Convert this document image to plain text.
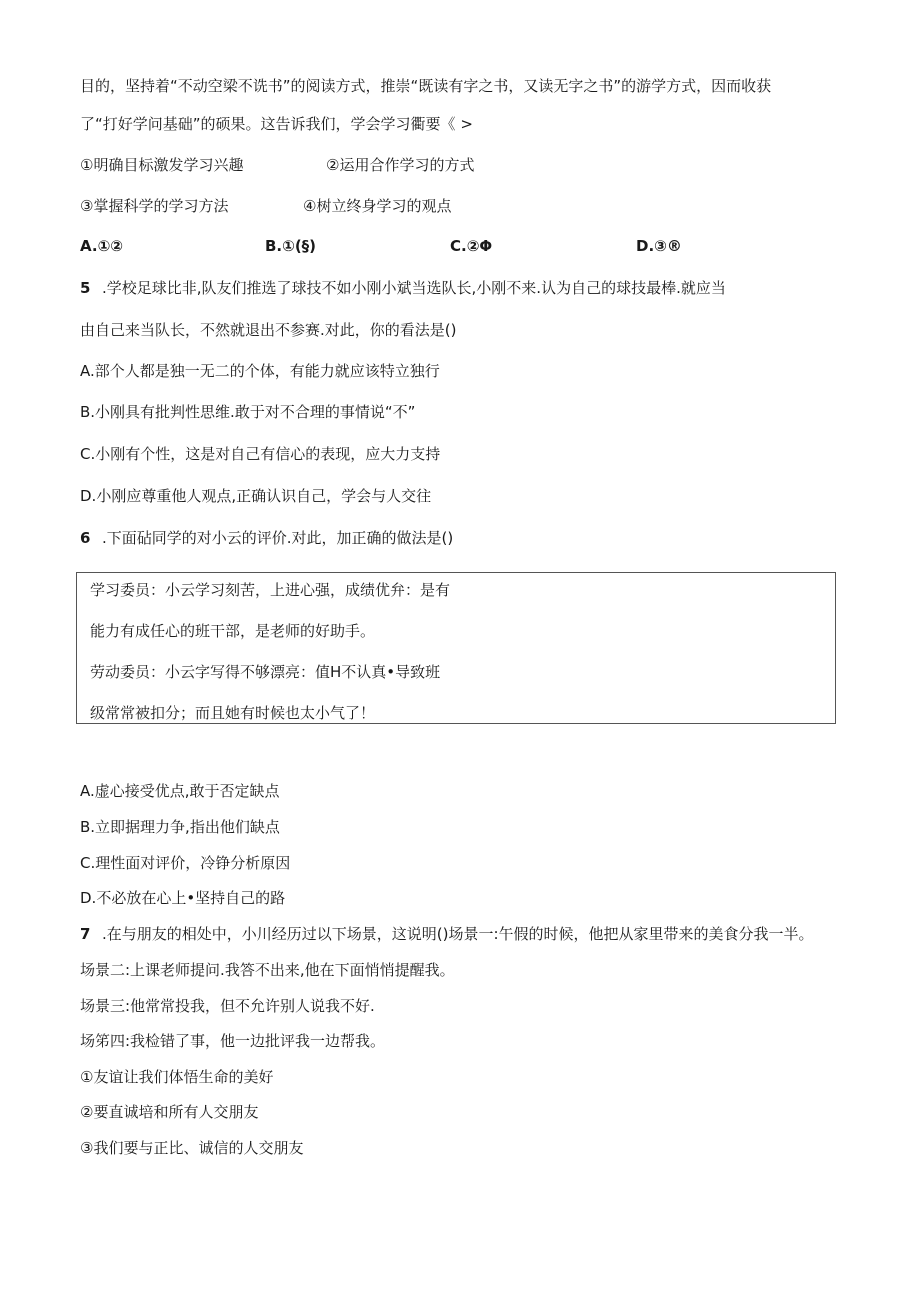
目的，坚持着“不动空梁不诜书”的阅读方式，推崇“既读有字之书，又读无字之书”的游学方式，因而收获
了“打好学问基础”的硕果。这告诉我们，学会学习衢要《 >
①明确目标激发学习兴趣	②运用合作学习的方式
③掌握科学的学习方法	④树立终身学习的观点
A.①②	B.①(§)	C.②Φ	D.③®
5 .学校足球比非,队友们推选了球技不如小刚小斌当选队长,小刚不来.认为自己的球技最棒.就应当
由自己来当队长，不然就退出不参赛.对此，你的看法是()
A.部个人都是独一无二的个体，有能力就应该特立独行
B.小刚具有批判性思维.敢于对不合理的事情说“不”
C.小刚有个性，这是对自己有信心的表现，应大力支持
D.小刚应尊重他人观点,正确认识自己，学会与人交往
6 .下面砧同学的对小云的评价.对此，加正确的做法是()
学习委员：小云学习刻苦，上进心强，成绩优弁：是有
能力有成任心的班干部，是老师的好助手。
劳动委员：小云字写得不够漂亮：值H不认真•导致班
级常常被扣分；而且她有时候也太小气了！
A.虚心接受优点,敢于否定缺点
B.立即据理力争,指出他们缺点
C.理性面对评价，冷铮分析原因
D.不必放在心上•坚持自己的路
7 .在与朋友的相处中，小川经历过以下场景，这说明()场景一:午假的时候，他把从家里带来的美食分我一半。
场景二:上课老师提问.我答不出来,他在下面悄悄提醒我。
场景三:他常常投我，但不允许别人说我不好.
场笫四:我检错了事，他一边批评我一边帮我。
①友谊让我们体悟生命的美好
②要直诚培和所有人交朋友
③我们要与正比、诚信的人交朋友
